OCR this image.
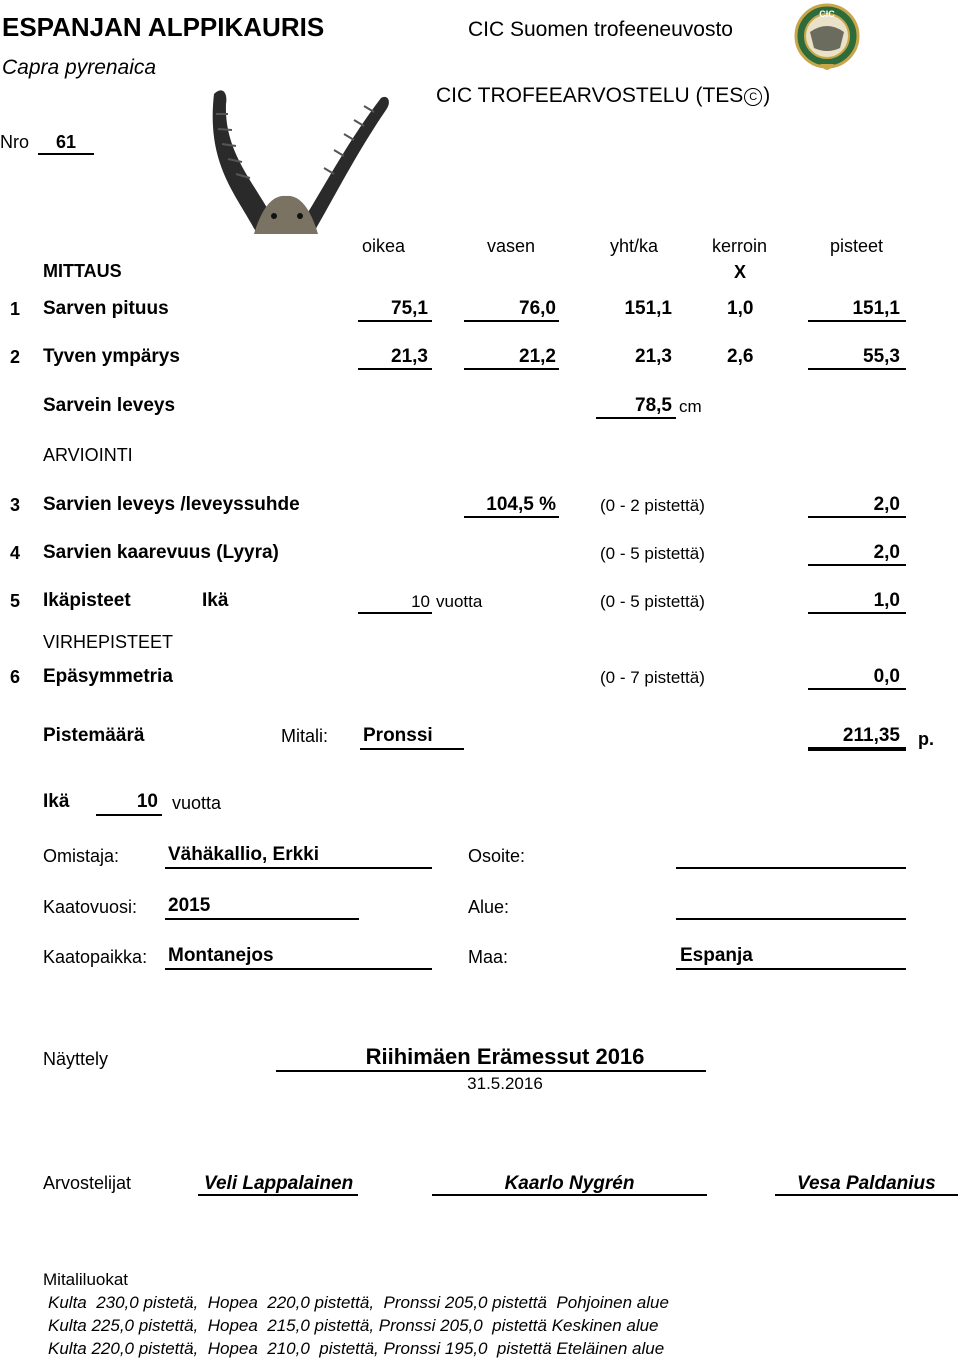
ESPANJAN ALPPIKAURIS
Capra pyrenaica
CIC Suomen trofeeneuvosto
CIC TROFEEARVOSTELU (TES C )
CIC
Nro 61
oikea	vasen	yht/ka	kerroin	pisteet
MITTAUS	X
1 Sarven pituus	75,1	76,0	151,1	1,0	151,1
2 Tyven ympärys	21,3	21,2	21,3	2,6	55,3
Sarvein leveys	78,5 cm
ARVIOINTI
3 Sarvien leveys /leveyssuhde	104,5 %	(0 - 2 pistettä)	2,0
4 Sarvien kaarevuus (Lyyra)	(0 - 5 pistettä)	2,0
5 Ikäpisteet	Ikä	10 vuotta	(0 - 5 pistettä)	1,0
VIRHEPISTEET
6 Epäsymmetria	(0 - 7 pistettä)	0,0
Pistemäärä	Mitali: Pronssi	211,35 p.
Ikä	10 vuotta
Omistaja:	Vähäkallio, Erkki	Osoite:
Kaatovuosi: 2015	Alue:
Kaatopaikka: Montanejos	Maa:	Espanja
Näyttely	Riihimäen Erämessut 2016
31.5.2016
Arvostelijat	Veli Lappalainen	Kaarlo Nygrén	Vesa Paldanius
Mitaliluokat
Kulta  230,0 pistetä,  Hopea  220,0 pistettä,  Pronssi 205,0 pistettä  Pohjoinen alue
Kulta 225,0 pistettä,  Hopea  215,0 pistettä, Pronssi 205,0  pistettä Keskinen alue
Kulta 220,0 pistettä,  Hopea  210,0  pistettä, Pronssi 195,0  pistettä Eteläinen alue
